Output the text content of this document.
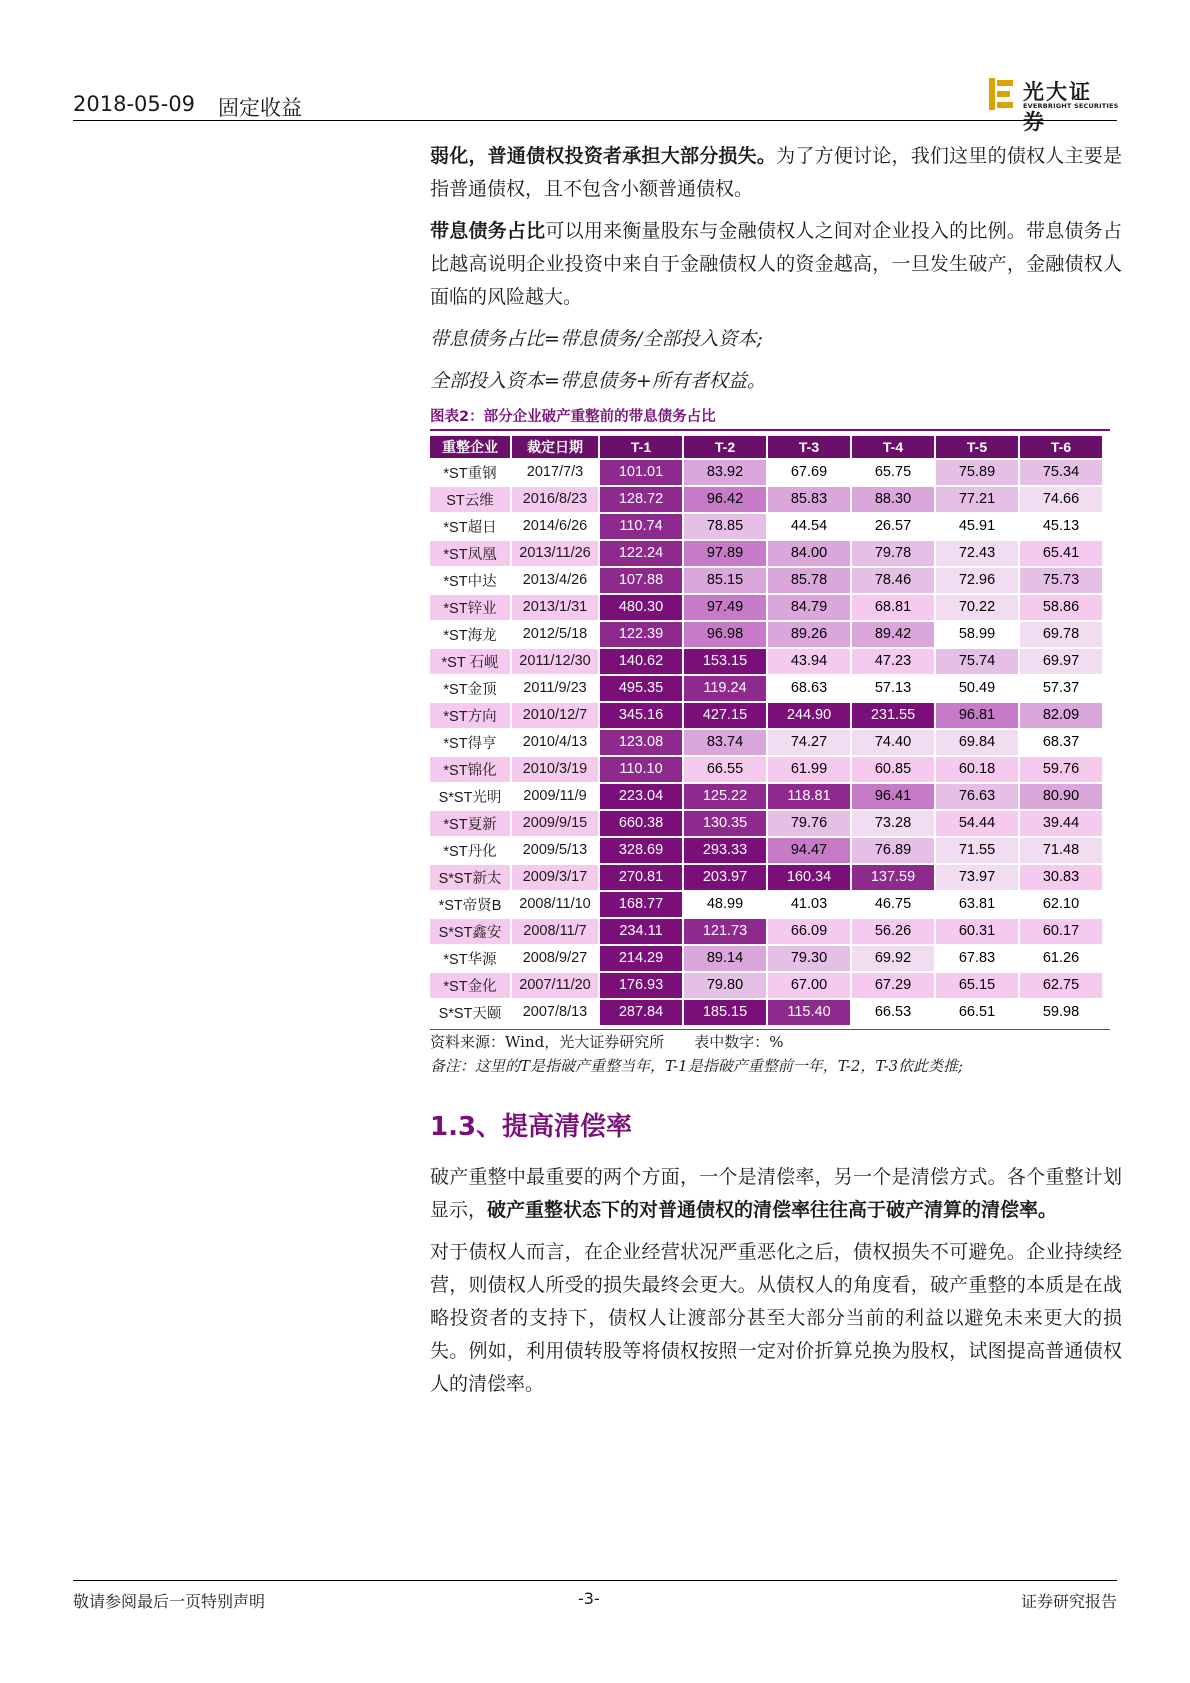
2018-05-09 固定收益
光大证券
EVERBRIGHT SECURITIES

弱化，普通债权投资者承担大部分损失。为了方便讨论，我们这里的债权人主要是指普通债权，且不包含小额普通债权。

带息债务占比可以用来衡量股东与金融债权人之间对企业投入的比例。带息债务占比越高说明企业投资中来自于金融债权人的资金越高，一旦发生破产，金融债权人面临的风险越大。

带息债务占比=带息债务/全部投入资本;

全部投入资本=带息债务+所有者权益。

图表2：部分企业破产重整前的带息债务占比
重整企业	裁定日期	T-1	T-2	T-3	T-4	T-5	T-6
*ST重钢	2017/7/3	101.01	83.92	67.69	65.75	75.89	75.34
ST云维	2016/8/23	128.72	96.42	85.83	88.30	77.21	74.66
*ST超日	2014/6/26	110.74	78.85	44.54	26.57	45.91	45.13
*ST凤凰	2013/11/26	122.24	97.89	84.00	79.78	72.43	65.41
*ST中达	2013/4/26	107.88	85.15	85.78	78.46	72.96	75.73
*ST锌业	2013/1/31	480.30	97.49	84.79	68.81	70.22	58.86
*ST海龙	2012/5/18	122.39	96.98	89.26	89.42	58.99	69.78
*ST 石岘	2011/12/30	140.62	153.15	43.94	47.23	75.74	69.97
*ST金顶	2011/9/23	495.35	119.24	68.63	57.13	50.49	57.37
*ST方向	2010/12/7	345.16	427.15	244.90	231.55	96.81	82.09
*ST得亨	2010/4/13	123.08	83.74	74.27	74.40	69.84	68.37
*ST锦化	2010/3/19	110.10	66.55	61.99	60.85	60.18	59.76
S*ST光明	2009/11/9	223.04	125.22	118.81	96.41	76.63	80.90
*ST夏新	2009/9/15	660.38	130.35	79.76	73.28	54.44	39.44
*ST丹化	2009/5/13	328.69	293.33	94.47	76.89	71.55	71.48
S*ST新太	2009/3/17	270.81	203.97	160.34	137.59	73.97	30.83
*ST帝贤B	2008/11/10	168.77	48.99	41.03	46.75	63.81	62.10
S*ST鑫安	2008/11/7	234.11	121.73	66.09	56.26	60.31	60.17
*ST华源	2008/9/27	214.29	89.14	79.30	69.92	67.83	61.26
*ST金化	2007/11/20	176.93	79.80	67.00	67.29	65.15	62.75
S*ST天颐	2007/8/13	287.84	185.15	115.40	66.53	66.51	59.98
资料来源：Wind，光大证券研究所　　表中数字：%
备注：这里的T是指破产重整当年，T-1是指破产重整前一年，T-2，T-3依此类推;
1.3、提高清偿率

破产重整中最重要的两个方面，一个是清偿率，另一个是清偿方式。各个重整计划显示，破产重整状态下的对普通债权的清偿率往往高于破产清算的清偿率。

对于债权人而言，在企业经营状况严重恶化之后，债权损失不可避免。企业持续经营，则债权人所受的损失最终会更大。从债权人的角度看，破产重整的本质是在战略投资者的支持下，债权人让渡部分甚至大部分当前的利益以避免未来更大的损失。例如，利用债转股等将债权按照一定对价折算兑换为股权，试图提高普通债权人的清偿率。

敬请参阅最后一页特别声明	-3-	证券研究报告
